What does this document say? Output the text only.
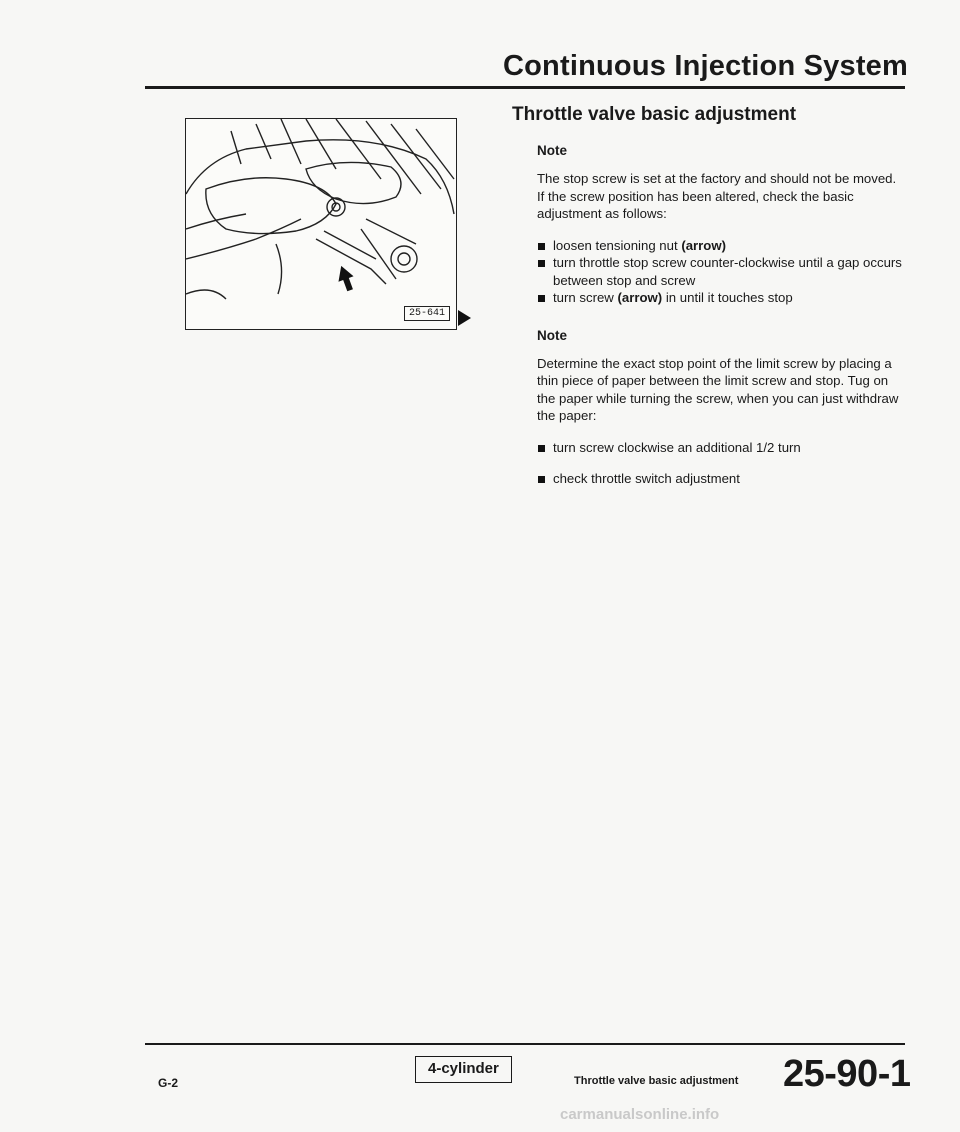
Continuous Injection System
Throttle valve basic adjustment
25-641
Note

The stop screw is set at the factory and should not be moved. If the screw position has been altered, check the basic adjustment as follows:

loosen tensioning nut (arrow)
turn throttle stop screw counter-clockwise until a gap occurs between stop and screw
turn screw (arrow) in until it touches stop
Note

Determine the exact stop point of the limit screw by placing a thin piece of paper between the limit screw and stop. Tug on the paper while turning the screw, when you can just withdraw the paper:

turn screw clockwise an additional 1/2 turn
check throttle switch adjustment
G-2
4-cylinder
Throttle valve basic adjustment 25-90-1
carmanualsonline.info
